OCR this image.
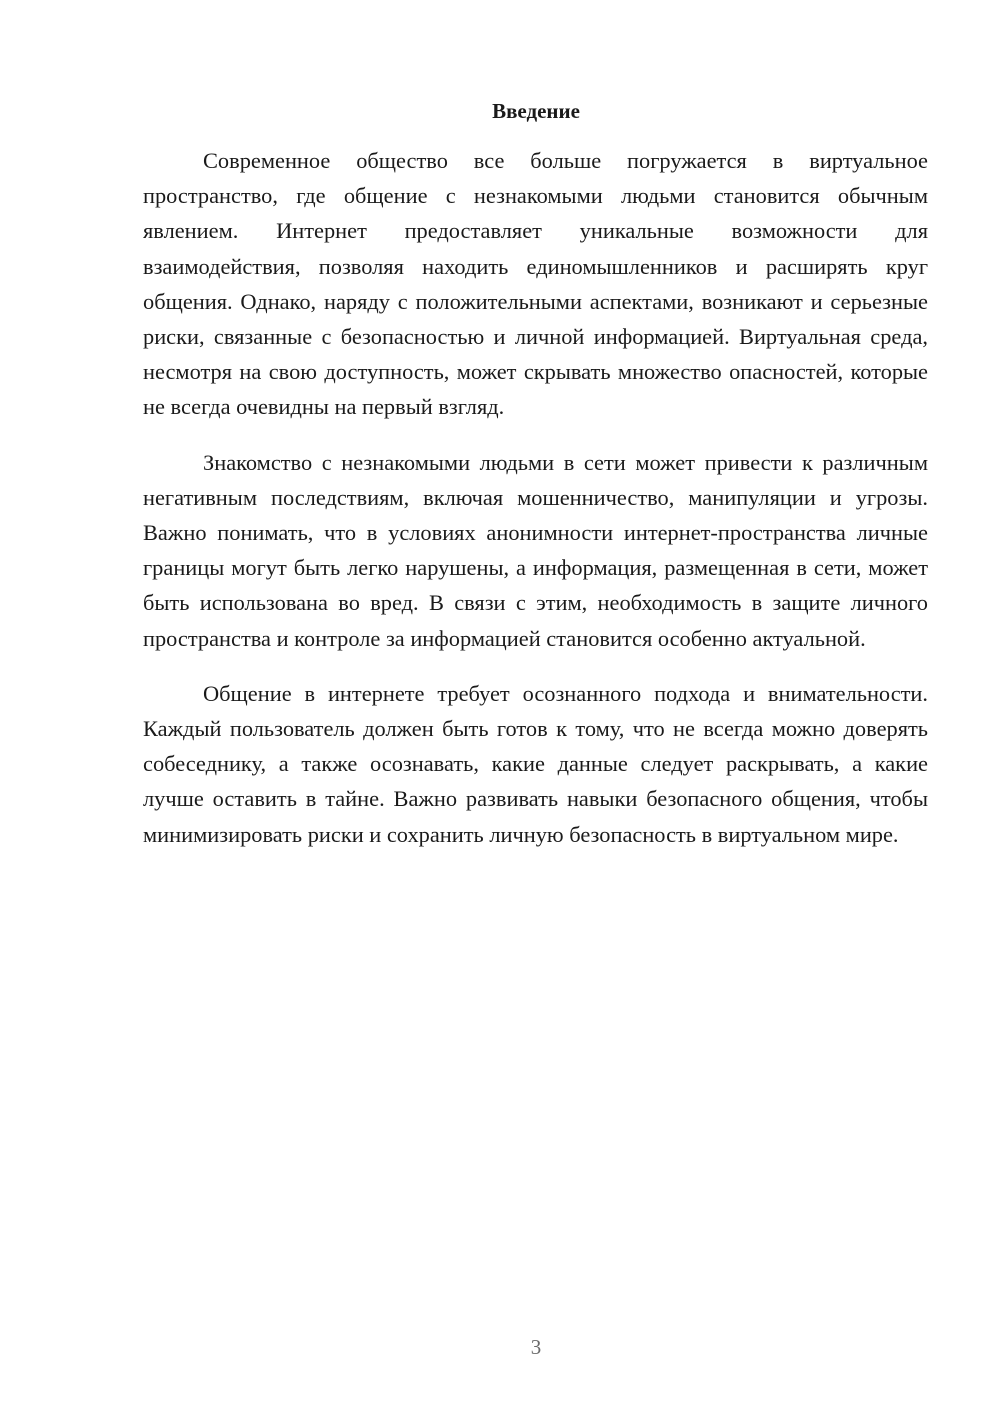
Введение

Современное общество все больше погружается в виртуальное пространство, где общение с незнакомыми людьми становится обычным явлением. Интернет предоставляет уникальные возможности для взаимодействия, позволяя находить единомышленников и расширять круг общения. Однако, наряду с положительными аспектами, возникают и серьезные риски, связанные с безопасностью и личной информацией. Виртуальная среда, несмотря на свою доступность, может скрывать множество опасностей, которые не всегда очевидны на первый взгляд.

Знакомство с незнакомыми людьми в сети может привести к различным негативным последствиям, включая мошенничество, манипуляции и угрозы. Важно понимать, что в условиях анонимности интернет-пространства личные границы могут быть легко нарушены, а информация, размещенная в сети, может быть использована во вред. В связи с этим, необходимость в защите личного пространства и контроле за информацией становится особенно актуальной.

Общение в интернете требует осознанного подхода и внимательности. Каждый пользователь должен быть готов к тому, что не всегда можно доверять собеседнику, а также осознавать, какие данные следует раскрывать, а какие лучше оставить в тайне. Важно развивать навыки безопасного общения, чтобы минимизировать риски и сохранить личную безопасность в виртуальном мире.

3
